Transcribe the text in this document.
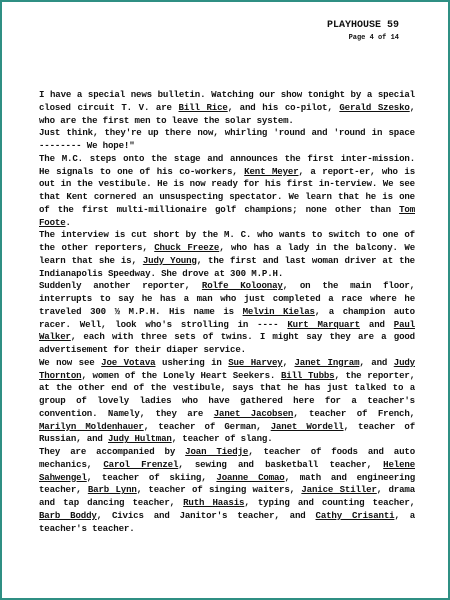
PLAYHOUSE 59
Page 4 of 14

I have a special news bulletin. Watching our show tonight by a special closed circuit T. V. are Bill Rice, and his co-pilot, Gerald Szesko, who are the first men to leave the solar system.

Just think, they're up there now, whirling 'round and 'round in space -------- We hope!"

The M.C. steps onto the stage and announces the first inter-mission. He signals to one of his co-workers, Kent Meyer, a report-er, who is out in the vestibule. He is now ready for his first in-terview. We see that Kent cornered an unsuspecting spectator. We learn that he is one of the first multi-millionaire golf champions; none other than Tom Foote.

The interview is cut short by the M. C. who wants to switch to one of the other reporters, Chuck Freeze, who has a lady in the balcony. We learn that she is, Judy Young, the first and last woman driver at the Indianapolis Speedway. She drove at 300 M.P.H.

Suddenly another reporter, Rolfe Koloonay, on the main floor, interrupts to say he has a man who just completed a race where he traveled 300 ½ M.P.H. His name is Melvin Kielas, a champion auto racer. Well, look who's strolling in ---- Kurt Marquart and Paul Walker, each with three sets of twins. I might say they are a good advertisement for their diaper service.

We now see Joe Votava ushering in Sue Harvey, Janet Ingram, and Judy Thornton, women of the Lonely Heart Seekers. Bill Tubbs, the reporter, at the other end of the vestibule, says that he has just talked to a group of lovely ladies who have gathered here for a teacher's convention. Namely, they are Janet Jacobsen, teacher of French, Marilyn Moldenhauer, teacher of German, Janet Wordell, teacher of Russian, and Judy Hultman, teacher of slang.

They are accompanied by Joan Tiedje, teacher of foods and auto mechanics, Carol Frenzel, sewing and basketball teacher, Helene Sahwengel, teacher of skiing, Joanne Comao, math and engineering teacher, Barb Lynn, teacher of singing waiters, Janice Stiller, drama and tap dancing teacher, Ruth Haasis, typing and counting teacher, Barb Boddy, Civics and Janitor's teacher, and Cathy Crisanti, a teacher's teacher.
